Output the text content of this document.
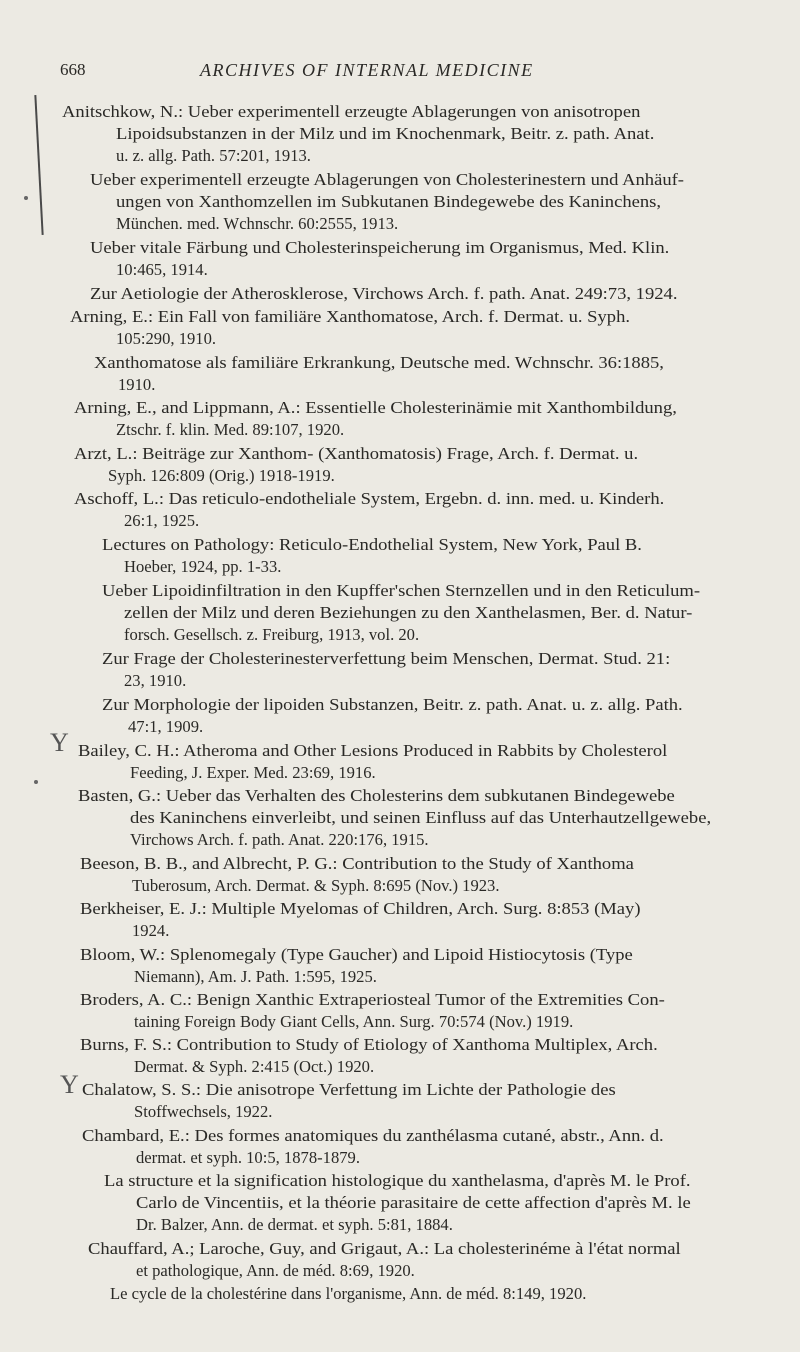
668	ARCHIVES OF INTERNAL MEDICINE
Y
Y
Anitschkow, N.: Ueber experimentell erzeugte Ablagerungen von anisotropen
Lipoidsubstanzen in der Milz und im Knochenmark, Beitr. z. path. Anat.
u. z. allg. Path. 57:201, 1913.
Ueber experimentell erzeugte Ablagerungen von Cholesterinestern und Anhäuf-
ungen von Xanthomzellen im Subkutanen Bindegewebe des Kaninchens,
München. med. Wchnschr. 60:2555, 1913.
Ueber vitale Färbung und Cholesterinspeicherung im Organismus, Med. Klin.
10:465, 1914.
Zur Aetiologie der Atherosklerose, Virchows Arch. f. path. Anat. 249:73, 1924.
Arning, E.: Ein Fall von familiäre Xanthomatose, Arch. f. Dermat. u. Syph.
105:290, 1910.
Xanthomatose als familiäre Erkrankung, Deutsche med. Wchnschr. 36:1885,
1910.
Arning, E., and Lippmann, A.: Essentielle Cholesterinämie mit Xanthombildung,
Ztschr. f. klin. Med. 89:107, 1920.
Arzt, L.: Beiträge zur Xanthom- (Xanthomatosis) Frage, Arch. f. Dermat. u.
Syph. 126:809 (Orig.) 1918-1919.
Aschoff, L.: Das reticulo-endotheliale System, Ergebn. d. inn. med. u. Kinderh.
26:1, 1925.
Lectures on Pathology: Reticulo-Endothelial System, New York, Paul B.
Hoeber, 1924, pp. 1-33.
Ueber Lipoidinfiltration in den Kupffer'schen Sternzellen und in den Reticulum-
zellen der Milz und deren Beziehungen zu den Xanthelasmen, Ber. d. Natur-
forsch. Gesellsch. z. Freiburg, 1913, vol. 20.
Zur Frage der Cholesterinesterverfettung beim Menschen, Dermat. Stud. 21:
23, 1910.
Zur Morphologie der lipoiden Substanzen, Beitr. z. path. Anat. u. z. allg. Path.
47:1, 1909.
Bailey, C. H.: Atheroma and Other Lesions Produced in Rabbits by Cholesterol
Feeding, J. Exper. Med. 23:69, 1916.
Basten, G.: Ueber das Verhalten des Cholesterins dem subkutanen Bindegewebe
des Kaninchens einverleibt, und seinen Einfluss auf das Unterhautzellgewebe,
Virchows Arch. f. path. Anat. 220:176, 1915.
Beeson, B. B., and Albrecht, P. G.: Contribution to the Study of Xanthoma
Tuberosum, Arch. Dermat. & Syph. 8:695 (Nov.) 1923.
Berkheiser, E. J.: Multiple Myelomas of Children, Arch. Surg. 8:853 (May)
1924.
Bloom, W.: Splenomegaly (Type Gaucher) and Lipoid Histiocytosis (Type
Niemann), Am. J. Path. 1:595, 1925.
Broders, A. C.: Benign Xanthic Extraperiosteal Tumor of the Extremities Con-
taining Foreign Body Giant Cells, Ann. Surg. 70:574 (Nov.) 1919.
Burns, F. S.: Contribution to Study of Etiology of Xanthoma Multiplex, Arch.
Dermat. & Syph. 2:415 (Oct.) 1920.
Chalatow, S. S.: Die anisotrope Verfettung im Lichte der Pathologie des
Stoffwechsels, 1922.
Chambard, E.: Des formes anatomiques du zanthélasma cutané, abstr., Ann. d.
dermat. et syph. 10:5, 1878-1879.
La structure et la signification histologique du xanthelasma, d'après M. le Prof.
Carlo de Vincentiis, et la théorie parasitaire de cette affection d'après M. le
Dr. Balzer, Ann. de dermat. et syph. 5:81, 1884.
Chauffard, A.; Laroche, Guy, and Grigaut, A.: La cholesterinéme à l'état normal
et pathologique, Ann. de méd. 8:69, 1920.
Le cycle de la cholestérine dans l'organisme, Ann. de méd. 8:149, 1920.
